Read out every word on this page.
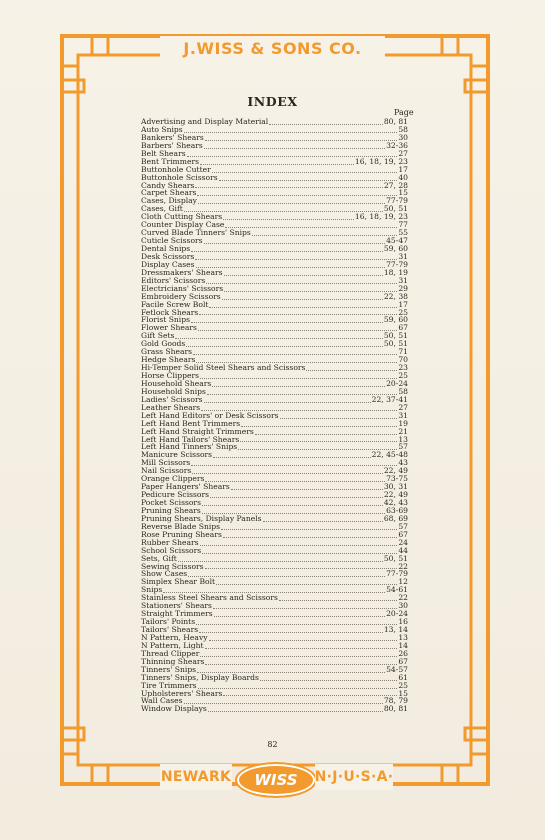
J.WISS & SONS CO.
INDEX
Page
Advertising and Display Material	80, 81
Auto Snips	58
Bankers' Shears	30
Barbers' Shears	32-36
Belt Shears	27
Bent Trimmers	16, 18, 19, 23
Buttonhole Cutter	17
Buttonhole Scissors	40
Candy Shears	27, 28
Carpet Shears	15
Cases, Display	77-79
Cases, Gift	50, 51
Cloth Cutting Shears	16, 18, 19, 23
Counter Display Case	77
Curved Blade Tinners' Snips	55
Cuticle Scissors	45-47
Dental Snips	59, 60
Desk Scissors	31
Display Cases	77-79
Dressmakers' Shears	18, 19
Editors' Scissors	31
Electricians' Scissors	29
Embroidery Scissors	22, 38
Facile Screw Bolt	17
Fetlock Shears	25
Florist Snips	59, 60
Flower Shears	67
Gift Sets	50, 51
Gold Goods	50, 51
Grass Shears	71
Hedge Shears	70
Hi-Temper Solid Steel Shears and Scissors	23
Horse Clippers	25
Household Shears	20-24
Household Snips	58
Ladies' Scissors	22, 37-41
Leather Shears	27
Left Hand Editors' or Desk Scissors	31
Left Hand Bent Trimmers	19
Left Hand Straight Trimmers	21
Left Hand Tailors' Shears	13
Left Hand Tinners' Snips	57
Manicure Scissors	22, 45-48
Mill Scissors	43
Nail Scissors	22, 49
Orange Clippers	73-75
Paper Hangers' Shears	30, 31
Pedicure Scissors	22, 49
Pocket Scissors	42, 43
Pruning Shears	63-69
Pruning Shears, Display Panels	68, 69
Reverse Blade Snips	57
Rose Pruning Shears	67
Rubber Shears	24
School Scissors	44
Sets, Gift	50, 51
Sewing Scissors	22
Show Cases	77-79
Simplex Shear Bolt	12
Snips	54-61
Stainless Steel Shears and Scissors	22
Stationers' Shears	30
Straight Trimmers	20-24
Tailors' Points	16
Tailors' Shears	13, 14
N Pattern, Heavy	13
N Pattern, Light	14
Thread Clipper	26
Thinning Shears	67
Tinners' Snips	54-57
Tinners' Snips, Display Boards	61
Tire Trimmers	25
Upholsterers' Shears	15
Wall Cases	78, 79
Window Displays	80, 81
82
NEWARK	WISS	N·J·U·S·A·
